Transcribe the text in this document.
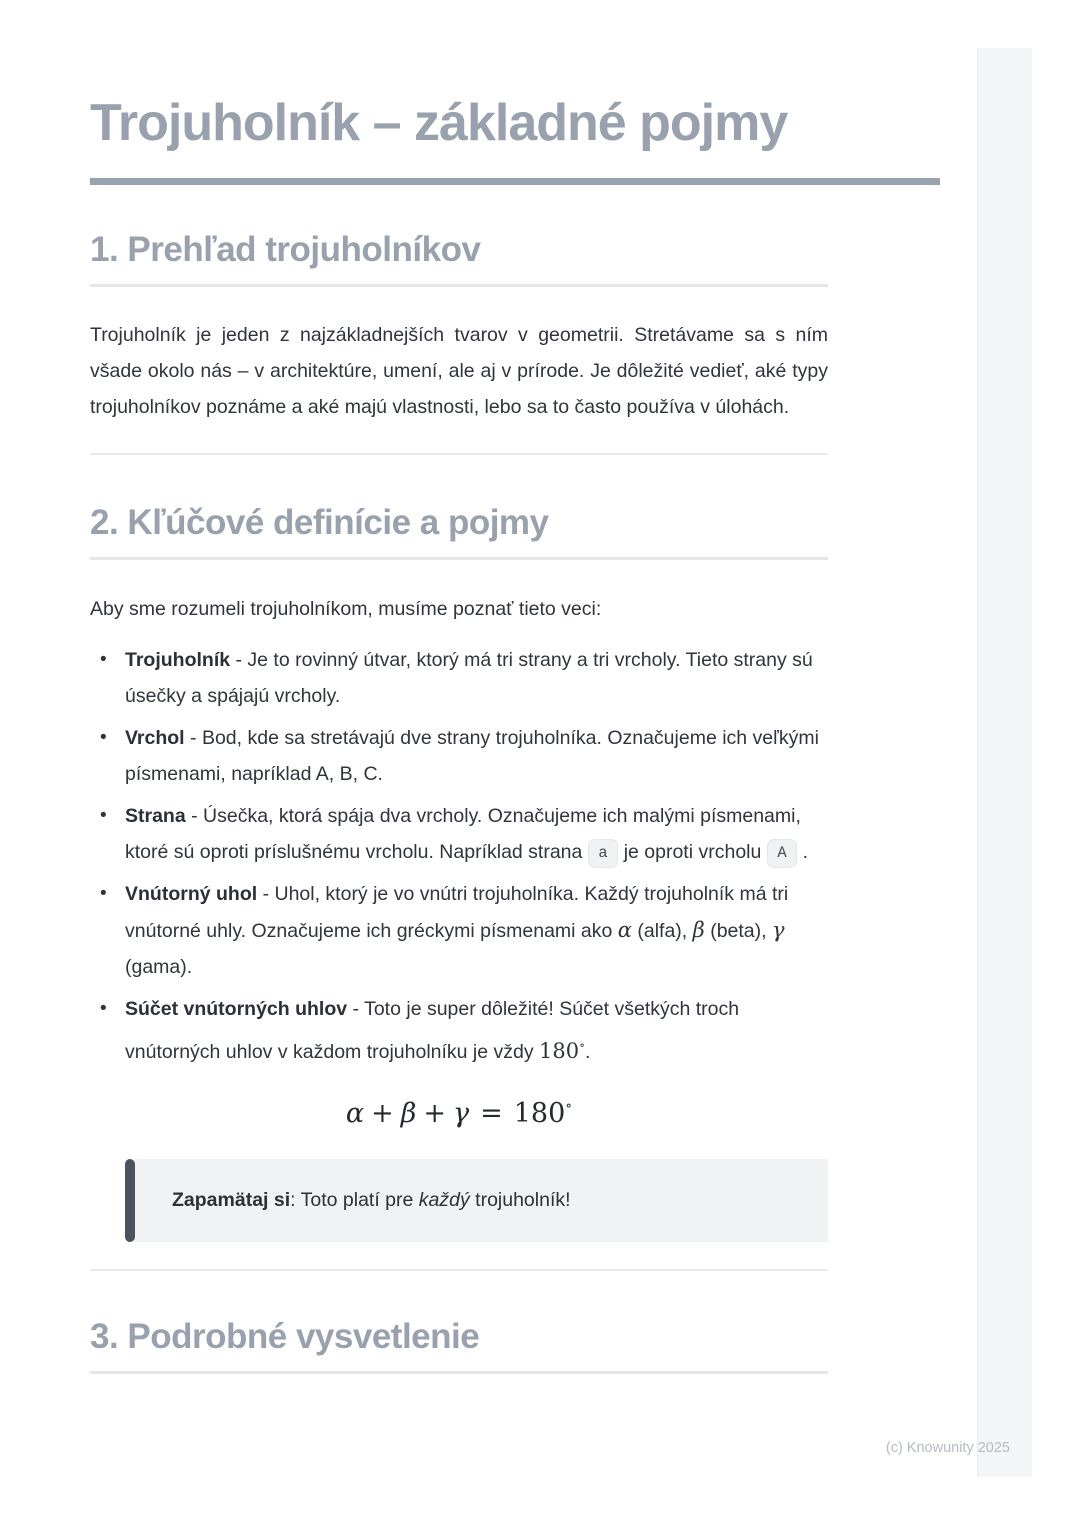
Trojuholník – základné pojmy
1. Prehľad trojuholníkov

Trojuholník je jeden z najzákladnejších tvarov v geometrii. Stretávame sa s ním všade okolo nás – v architektúre, umení, ale aj v prírode. Je dôležité vedieť, aké typy trojuholníkov poznáme a aké majú vlastnosti, lebo sa to často používa v úlohách.

2. Kľúčové definície a pojmy

Aby sme rozumeli trojuholníkom, musíme poznať tieto veci:

• Trojuholník - Je to rovinný útvar, ktorý má tri strany a tri vrcholy. Tieto strany sú úsečky a spájajú vrcholy.
• Vrchol - Bod, kde sa stretávajú dve strany trojuholníka. Označujeme ich veľkými písmenami, napríklad A, B, C.
• Strana - Úsečka, ktorá spája dva vrcholy. Označujeme ich malými písmenami, ktoré sú oproti príslušnému vrcholu. Napríklad strana a je oproti vrcholu A .
• Vnútorný uhol - Uhol, ktorý je vo vnútri trojuholníka. Každý trojuholník má tri vnútorné uhly. Označujeme ich gréckymi písmenami ako α (alfa), β (beta), γ (gama).
• Súčet vnútorných uhlov - Toto je super dôležité! Súčet všetkých troch vnútorných uhlov v každom trojuholníku je vždy 180∘.
α + β + γ = 180∘

Zapamätaj si: Toto platí pre každý trojuholník!

3. Podrobné vysvetlenie
(c) Knowunity 2025
